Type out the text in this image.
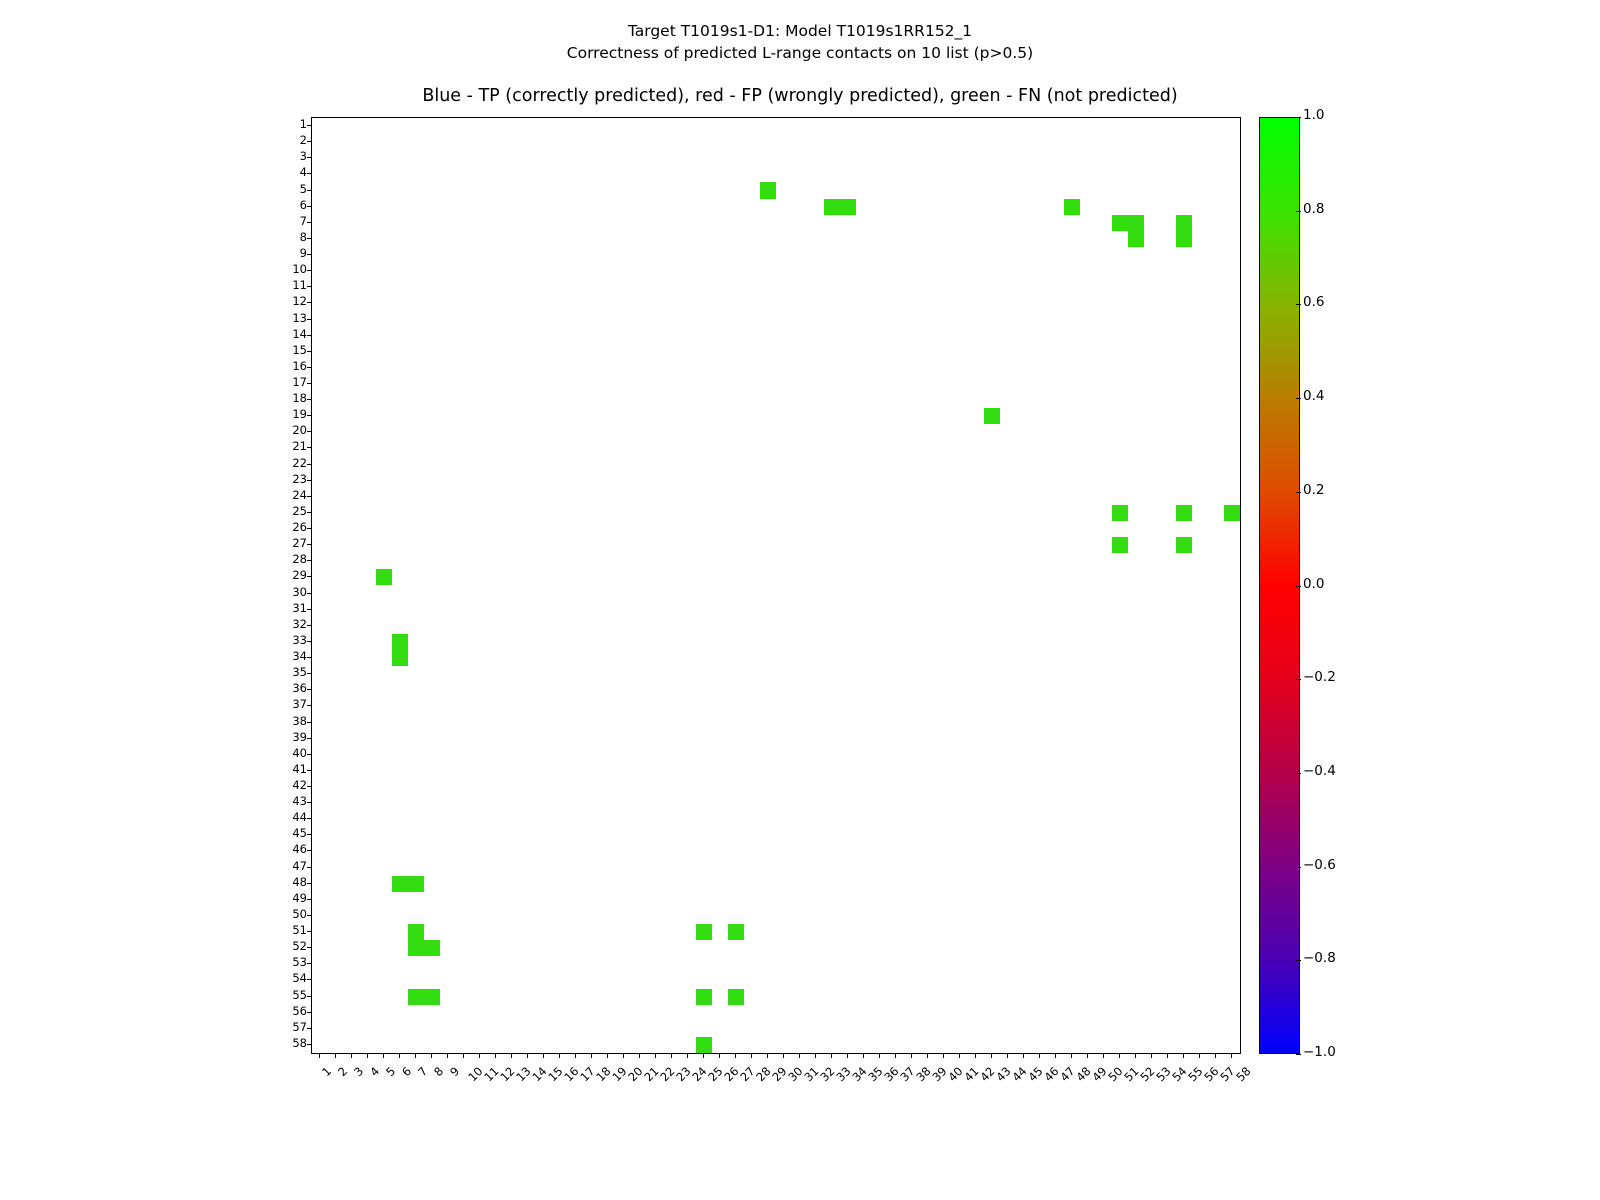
Target T1019s1-D1: Model T1019s1RR152_1
Correctness of predicted L-range contacts on 10 list (p>0.5)
Blue - TP (correctly predicted), red - FP (wrongly predicted), green - FN (not predicted)
1
2
3
4
5
6
7
8
9
10
11
12
13
14
15
16
17
18
19
20
21
22
23
24
25
26
27
28
29
30
31
32
33
34
35
36
37
38
39
40
41
42
43
44
45
46
47
48
49
50
51
52
53
54
55
56
57
58
1 2 3 4 5 6 7 8 9 10
11
12
13
14
15
16
17
18
19
20
21
22
23
24
25
26
27
28
29
30
31
32
33
34
35
36
37
38
39
40
41
42
43
44
45
46
47
48
49
50
51
52
53
54
55
56
57
58
1.0
0.8
0.6
0.4
0.2
0.0
−0.2
−0.4
−0.6
−0.8
−1.0
